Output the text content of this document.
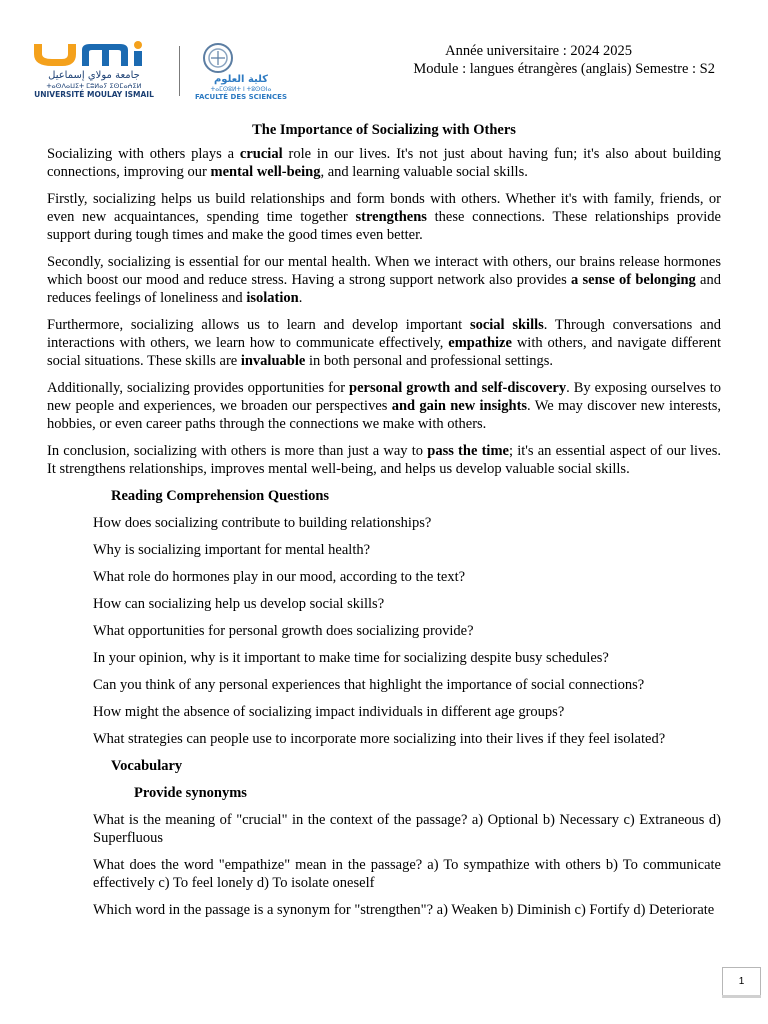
جامعة مولاي إسماعيل
ⵜⴰⵙⴷⴰⵡⵉⵜ ⵎⵓⵍⴰⵢ ⵉⵙⵎⴰⵄⵉⵍ
UNIVERSITÉ MOULAY ISMAIL
كلية العلوم
ⵜⴰⵎⵙⵓⵍⵜ ⵏ ⵜⵓⵙⵙⵏⴰ
FACULTÉ DES SCIENCES
Année universitaire : 2024 2025
Module : langues étrangères (anglais) Semestre : S2
The Importance of Socializing with Others

Socializing with others plays a crucial role in our lives. It's not just about having fun; it's also about building connections, improving our mental well-being, and learning valuable social skills.

Firstly, socializing helps us build relationships and form bonds with others. Whether it's with family, friends, or even new acquaintances, spending time together strengthens these connections. These relationships provide support during tough times and make the good times even better.

Secondly, socializing is essential for our mental health. When we interact with others, our brains release hormones which boost our mood and reduce stress. Having a strong support network also provides a sense of belonging and reduces feelings of loneliness and isolation.

Furthermore, socializing allows us to learn and develop important social skills. Through conversations and interactions with others, we learn how to communicate effectively, empathize with others, and navigate different social situations. These skills are invaluable in both personal and professional settings.

Additionally, socializing provides opportunities for personal growth and self-discovery. By exposing ourselves to new people and experiences, we broaden our perspectives and gain new insights. We may discover new interests, hobbies, or even career paths through the connections we make with others.

In conclusion, socializing with others is more than just a way to pass the time; it's an essential aspect of our lives. It strengthens relationships, improves mental well-being, and helps us develop valuable social skills.

Reading Comprehension Questions
How does socializing contribute to building relationships?
Why is socializing important for mental health?
What role do hormones play in our mood, according to the text?
How can socializing help us develop social skills?
What opportunities for personal growth does socializing provide?
In your opinion, why is it important to make time for socializing despite busy schedules?
Can you think of any personal experiences that highlight the importance of social connections?
How might the absence of socializing impact individuals in different age groups?
What strategies can people use to incorporate more socializing into their lives if they feel isolated?
Vocabulary
Provide synonyms
What is the meaning of "crucial" in the context of the passage? a) Optional b) Necessary c) Extraneous d) Superfluous
What does the word "empathize" mean in the passage? a) To sympathize with others b) To communicate effectively c) To feel lonely d) To isolate oneself
Which word in the passage is a synonym for "strengthen"? a) Weaken b) Diminish c) Fortify d) Deteriorate
1
